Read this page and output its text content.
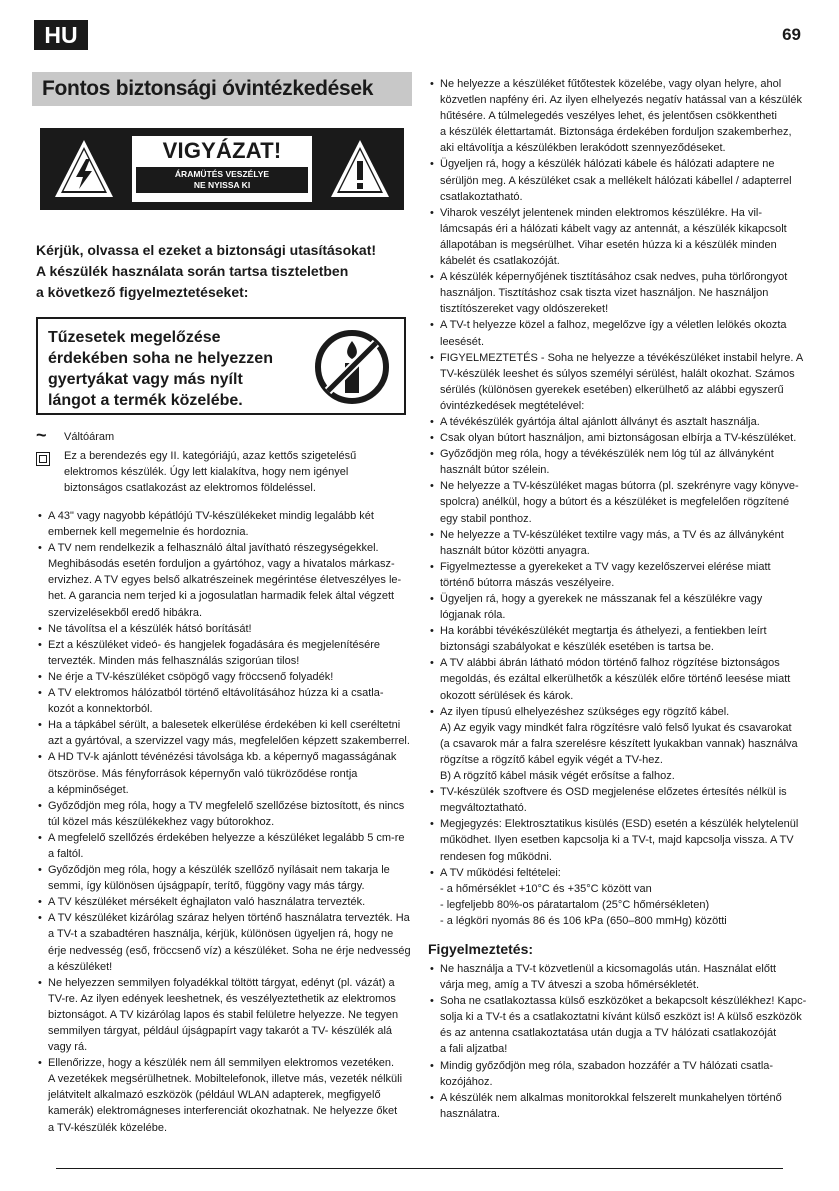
HU	69
Fontos biztonsági óvintézkedések
VIGYÁZAT!
ÁRAMÜTÉS VESZÉLYE
NE NYISSA KI
Kérjük, olvassa el ezeket a biztonsági utasításokat!
A készülék használata során tartsa tiszteletben
a következő figyelmeztetéseket:
Tűzesetek megelőzése
érdekében soha ne helyezzen
gyertyákat vagy más nyílt
lángot a termék közelébe.
~	Váltóáram
Ez a berendezés egy II. kategóriájú, azaz kettős szigetelésű
elektromos készülék. Úgy lett kialakítva, hogy nem igényel
biztonságos csatlakozást az elektromos földeléssel.
• A 43" vagy nagyobb képátlójú TV-készülékeket mindig legalább két
embernek kell megemelnie és hordoznia.
• A TV nem rendelkezik a felhasználó által javítható részegységekkel.
Meghibásodás esetén forduljon a gyártóhoz, vagy a hivatalos márkasz-
ervizhez. A TV egyes belső alkatrészeinek megérintése életveszélyes le-
het. A garancia nem terjed ki a jogosulatlan harmadik felek által végzett
szervizelésekből eredő hibákra.
• Ne távolítsa el a készülék hátsó borítását!
• Ezt a készüléket videó- és hangjelek fogadására és megjelenítésére
tervezték. Minden más felhasználás szigorúan tilos!
• Ne érje a TV-készüléket csöpögő vagy fröccsenő folyadék!
• A TV elektromos hálózatból történő eltávolításához húzza ki a csatla-
kozót a konnektorból.
• Ha a tápkábel sérült, a balesetek elkerülése érdekében ki kell cseréltetni
azt a gyártóval, a szervizzel vagy más, megfelelően képzett szakemberrel.
• A HD TV-k ajánlott tévénézési távolsága kb. a képernyő magasságának
ötszöröse. Más fényforrások képernyőn való tükröződése rontja
a képminőséget.
• Győződjön meg róla, hogy a TV megfelelő szellőzése biztosított, és nincs
túl közel más készülékekhez vagy bútorokhoz.
• A megfelelő szellőzés érdekében helyezze a készüléket legalább 5 cm-re
a faltól.
• Győződjön meg róla, hogy a készülék szellőző nyílásait nem takarja le
semmi, így különösen újságpapír, terítő, függöny vagy más tárgy.
• A TV készüléket mérsékelt éghajlaton való használatra tervezték.
• A TV készüléket kizárólag száraz helyen történő használatra tervezték. Ha
a TV-t a szabadtéren használja, kérjük, különösen ügyeljen rá, hogy ne
érje nedvesség (eső, fröccsenő víz) a készüléket. Soha ne érje nedvesség
a készüléket!
• Ne helyezzen semmilyen folyadékkal töltött tárgyat, edényt (pl. vázát) a
TV-re. Az ilyen edények leeshetnek, és veszélyeztethetik az elektromos
biztonságot. A TV kizárólag lapos és stabil felületre helyezze. Ne tegyen
semmilyen tárgyat, például újságpapírt vagy takarót a TV- készülék alá
vagy rá.
• Ellenőrizze, hogy a készülék nem áll semmilyen elektromos vezetéken.
A vezetékek megsérülhetnek. Mobiltelefonok, illetve más, vezeték nélküli
jelátvitelt alkalmazó eszközök (például WLAN adapterek, megfigyelő
kamerák) elektromágneses interferenciát okozhatnak. Ne helyezze őket
a TV-készülék közelébe.
• Ne helyezze a készüléket fűtőtestek közelébe, vagy olyan helyre, ahol
közvetlen napfény éri. Az ilyen elhelyezés negatív hatással van a készülék
hűtésére. A túlmelegedés veszélyes lehet, és jelentősen csökkentheti
a készülék élettartamát. Biztonsága érdekében forduljon szakemberhez,
aki eltávolítja a készülékben lerakódott szennyeződéseket.
• Ügyeljen rá, hogy a készülék hálózati kábele és hálózati adaptere ne
sérüljön meg. A készüléket csak a mellékelt hálózati kábellel / adapterrel
csatlakoztatható.
• Viharok veszélyt jelentenek minden elektromos készülékre. Ha vil-
lámcsapás éri a hálózati kábelt vagy az antennát, a készülék kikapcsolt
állapotában is megsérülhet. Vihar esetén húzza ki a készülék minden
kábelét és csatlakozóját.
• A készülék képernyőjének tisztításához csak nedves, puha törlőrongyot
használjon. Tisztításhoz csak tiszta vizet használjon. Ne használjon
tisztítószereket vagy oldószereket!
• A TV-t helyezze közel a falhoz, megelőzve így a véletlen lelökés okozta
leesését.
• FIGYELMEZTETÉS - Soha ne helyezze a tévékészüléket instabil helyre. A
TV-készülék leeshet és súlyos személyi sérülést, halált okozhat. Számos
sérülés (különösen gyerekek esetében) elkerülhető az alábbi egyszerű
óvintézkedések megtételével:
• A tévékészülék gyártója által ajánlott állványt és asztalt használja.
• Csak olyan bútort használjon, ami biztonságosan elbírja a TV-készüléket.
• Győződjön meg róla, hogy a tévékészülék nem lóg túl az állványként
használt bútor szélein.
• Ne helyezze a TV-készüléket magas bútorra (pl. szekrényre vagy könyve-
spolcra) anélkül, hogy a bútort és a készüléket is megfelelően rögzítené
egy stabil ponthoz.
• Ne helyezze a TV-készüléket textilre vagy más, a TV és az állványként
használt bútor közötti anyagra.
• Figyelmeztesse a gyerekeket a TV vagy kezelőszervei elérése miatt
történő bútorra mászás veszélyeire.
• Ügyeljen rá, hogy a gyerekek ne másszanak fel a készülékre vagy
lógjanak róla.
• Ha korábbi tévékészülékét megtartja és áthelyezi, a fentiekben leírt
biztonsági szabályokat e készülék esetében is tartsa be.
• A TV alábbi ábrán látható módon történő falhoz rögzítése biztonságos
megoldás, és ezáltal elkerülhetők a készülék előre történő leesése miatt
okozott sérülések és károk.
• Az ilyen típusú elhelyezéshez szükséges egy rögzítő kábel.
A) Az egyik vagy mindkét falra rögzítésre való felső lyukat és csavarokat
(a csavarok már a falra szerelésre készített lyukakban vannak) használva
rögzítse a rögzítő kábel egyik végét a TV-hez.
B) A rögzítő kábel másik végét erősítse a falhoz.
• TV-készülék szoftvere és OSD megjelenése előzetes értesítés nélkül is
megváltoztatható.
• Megjegyzés: Elektrosztatikus kisülés (ESD) esetén a készülék helytelenül
működhet. Ilyen esetben kapcsolja ki a TV-t, majd kapcsolja vissza. A TV
rendesen fog működni.
• A TV működési feltételei:
- a hőmérséklet +10°C és +35°C között van
- legfeljebb 80%-os páratartalom (25°C hőmérsékleten)
- a légköri nyomás 86 és 106 kPa (650–800 mmHg) közötti
Figyelmeztetés:
• Ne használja a TV-t közvetlenül a kicsomagolás után. Használat előtt
várja meg, amíg a TV átveszi a szoba hőmérsékletét.
• Soha ne csatlakoztassa külső eszközöket a bekapcsolt készülékhez! Kapc-
solja ki a TV-t és a csatlakoztatni kívánt külső eszközt is! A külső eszközök
és az antenna csatlakoztatása után dugja a TV hálózati csatlakozóját
a fali aljzatba!
• Mindig győződjön meg róla, szabadon hozzáfér a TV hálózati csatla-
kozójához.
• A készülék nem alkalmas monitorokkal felszerelt munkahelyen történő
használatra.
